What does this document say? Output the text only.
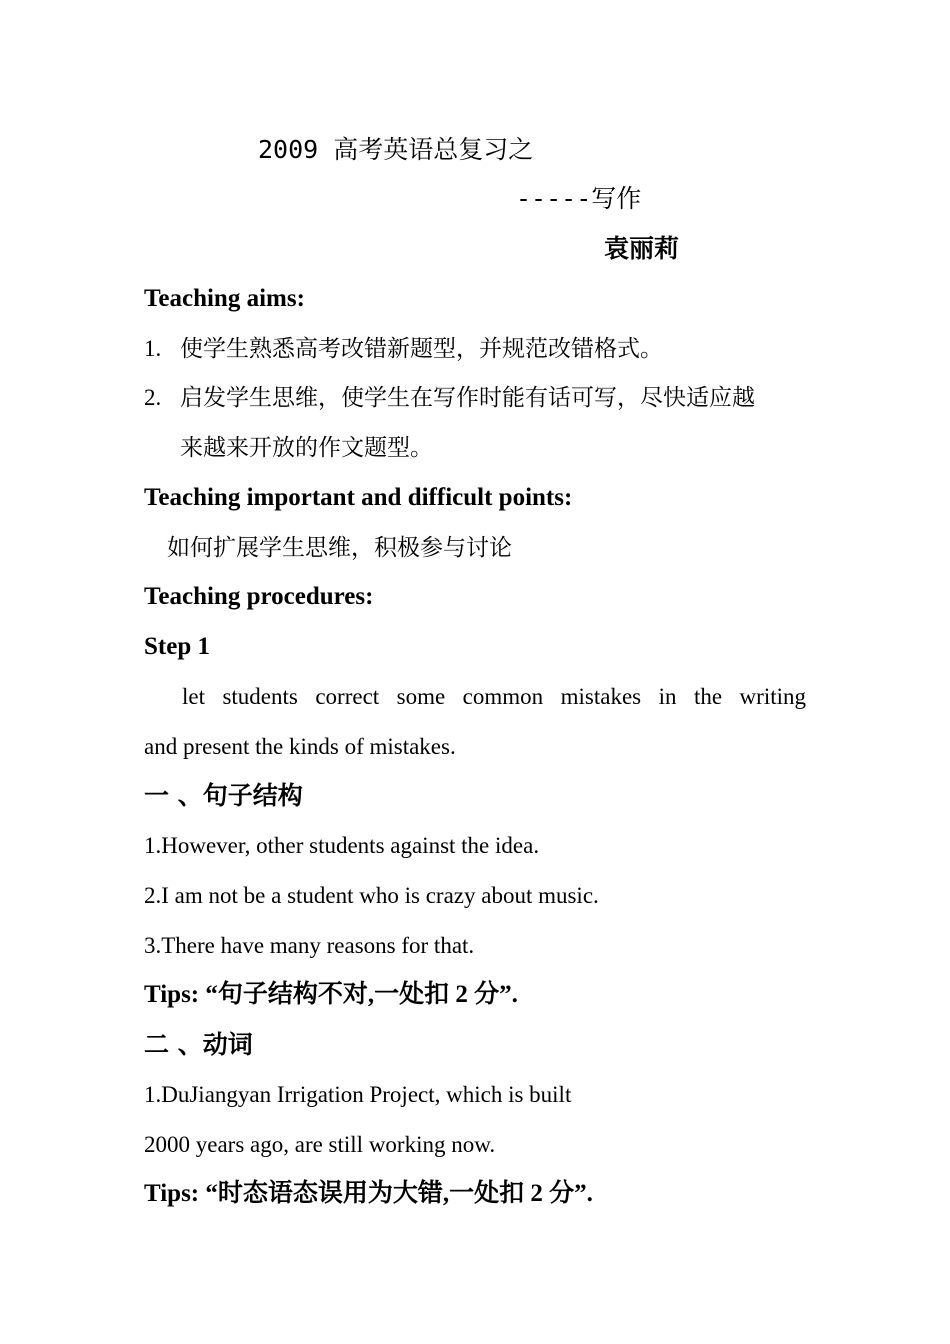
2009 高考英语总复习之
-----写作
袁丽莉
Teaching aims:
1. 使学生熟悉高考改错新题型，并规范改错格式。
2. 启发学生思维，使学生在写作时能有话可写，尽快适应越
来越来开放的作文题型。
Teaching important and difficult points:
如何扩展学生思维，积极参与讨论
Teaching procedures:
Step 1
let students correct some common mistakes in the writing
and present the kinds of mistakes.
一 、句子结构
1.However, other students against the idea.
2.I am not be a student who is crazy about music.
3.There have many reasons for that.
Tips: “句子结构不对,一处扣 2 分”.
二 、动词
1.DuJiangyan Irrigation Project, which is built
2000 years ago, are still working now.
Tips: “时态语态误用为大错,一处扣 2 分”.
